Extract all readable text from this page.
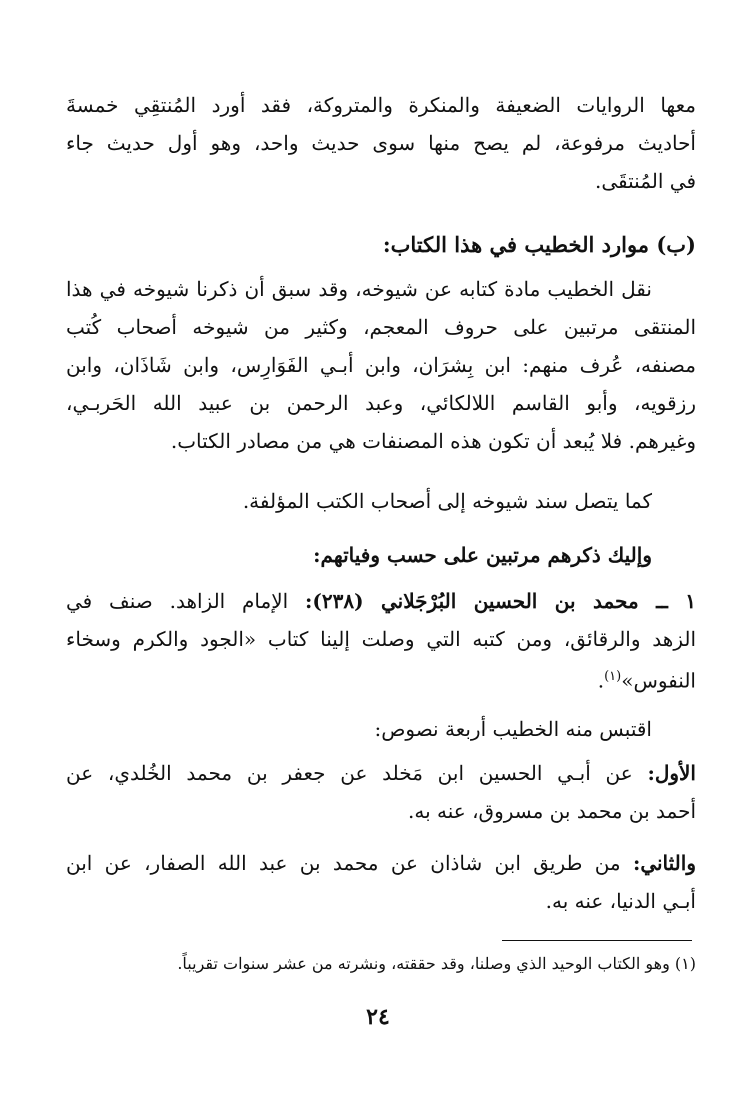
معها الروايات الضعيفة والمنكرة والمتروكة، فقد أورد المُنتقِي خمسةَ
أحاديث مرفوعة، لم يصح منها سوى حديث واحد، وهو أول حديث جاء
في المُنتقَى.
(ب) موارد الخطيب في هذا الكتاب:
نقل الخطيب مادة كتابه عن شيوخه، وقد سبق أن ذكرنا شيوخه في هذا
المنتقى مرتبين على حروف المعجم، وكثير من شيوخه أصحاب كُتب
مصنفه، عُرف منهم: ابن بِشرَان، وابن أبـي الفَوَارِس، وابن شَاذَان، وابن
رزقويه، وأبو القاسم اللالكائي، وعبد الرحمن بن عبيد الله الحَربـي،
وغيرهم. فلا يُبعد أن تكون هذه المصنفات هي من مصادر الكتاب.
كما يتصل سند شيوخه إلى أصحاب الكتب المؤلفة.
وإليك ذكرهم مرتبين على حسب وفياتهم:
١ ــ محمد بن الحسين البُرْجَلاني (٢٣٨): الإمام الزاهد. صنف في
الزهد والرقائق، ومن كتبه التي وصلت إلينا كتاب «الجود والكرم وسخاء
النفوس»$^{(١)}$.
اقتبس منه الخطيب أربعة نصوص:
الأول: عن أبـي الحسين ابن مَخلد عن جعفر بن محمد الخُلدي، عن
أحمد بن محمد بن مسروق، عنه به.
والثاني: من طريق ابن شاذان عن محمد بن عبد الله الصفار، عن ابن
أبـي الدنيا، عنه به.
(١) وهو الكتاب الوحيد الذي وصلنا، وقد حققته، ونشرته من عشر سنوات تقريباً.
٢٤
